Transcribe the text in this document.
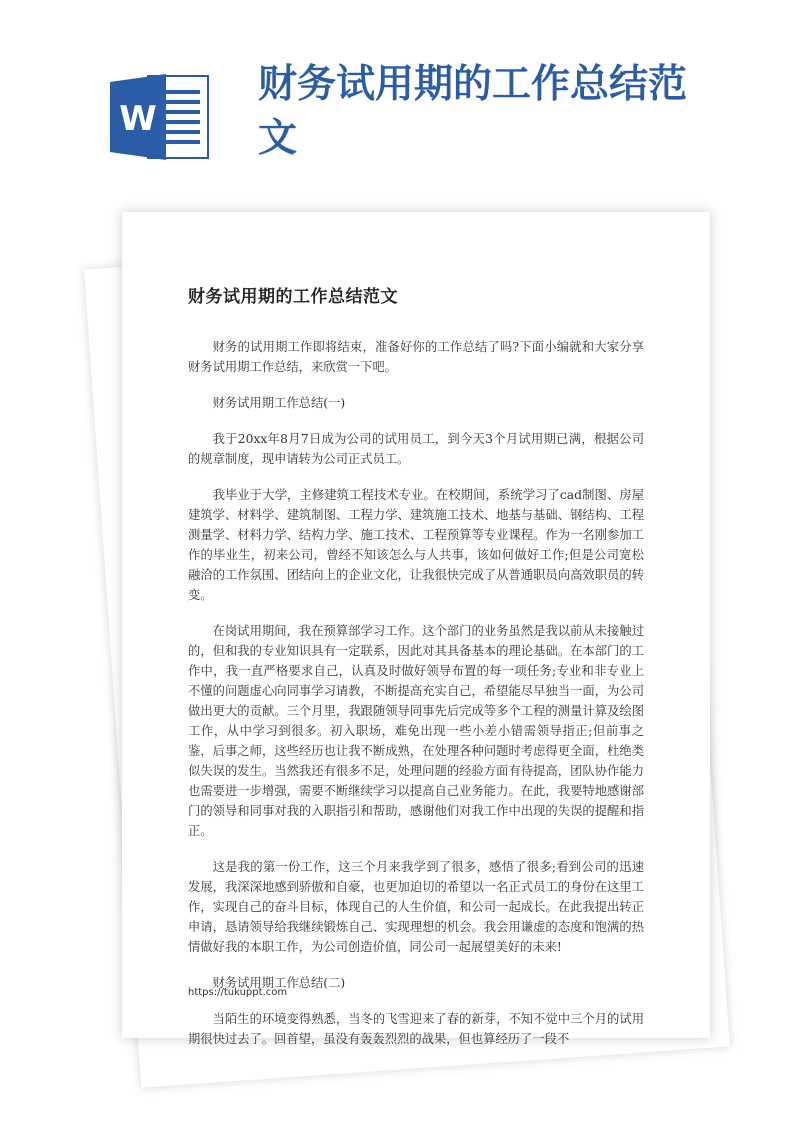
W
财务试用期的工作总结范文
财务试用期的工作总结范文

财务的试用期工作即将结束，准备好你的工作总结了吗?下面小编就和大家分享财务试用期工作总结，来欣赏一下吧。

财务试用期工作总结(一)

我于20xx年8月7日成为公司的试用员工，到今天3个月试用期已满，根据公司的规章制度，现申请转为公司正式员工。

我毕业于大学，主修建筑工程技术专业。在校期间，系统学习了cad制图、房屋建筑学、材料学、建筑制图、工程力学、建筑施工技术、地基与基础、钢结构、工程测量学、材料力学、结构力学、施工技术、工程预算等专业课程。作为一名刚参加工作的毕业生，初来公司，曾经不知该怎么与人共事，该如何做好工作;但是公司宽松融洽的工作氛围、团结向上的企业文化，让我很快完成了从普通职员向高效职员的转变。

在岗试用期间，我在预算部学习工作。这个部门的业务虽然是我以前从未接触过的，但和我的专业知识具有一定联系，因此对其具备基本的理论基础。在本部门的工作中，我一直严格要求自己，认真及时做好领导布置的每一项任务;专业和非专业上不懂的问题虚心向同事学习请教，不断提高充实自己，希望能尽早独当一面，为公司做出更大的贡献。三个月里，我跟随领导同事先后完成等多个工程的测量计算及绘图工作，从中学习到很多。初入职场，难免出现一些小差小错需领导指正;但前事之鉴，后事之师，这些经历也让我不断成熟，在处理各种问题时考虑得更全面，杜绝类似失误的发生。当然我还有很多不足，处理问题的经验方面有待提高，团队协作能力也需要进一步增强，需要不断继续学习以提高自己业务能力。在此，我要特地感谢部门的领导和同事对我的入职指引和帮助，感谢他们对我工作中出现的失误的提醒和指正。

这是我的第一份工作，这三个月来我学到了很多，感悟了很多;看到公司的迅速发展，我深深地感到骄傲和自豪，也更加迫切的希望以一名正式员工的身份在这里工作，实现自己的奋斗目标，体现自己的人生价值，和公司一起成长。在此我提出转正申请，恳请领导给我继续锻炼自己、实现理想的机会。我会用谦虚的态度和饱满的热情做好我的本职工作，为公司创造价值，同公司一起展望美好的未来!

财务试用期工作总结(二)

当陌生的环境变得熟悉，当冬的飞雪迎来了春的新芽，不知不觉中三个月的试用期很快过去了。回首望，虽没有轰轰烈烈的战果，但也算经历了一段不

https://tukuppt.com
